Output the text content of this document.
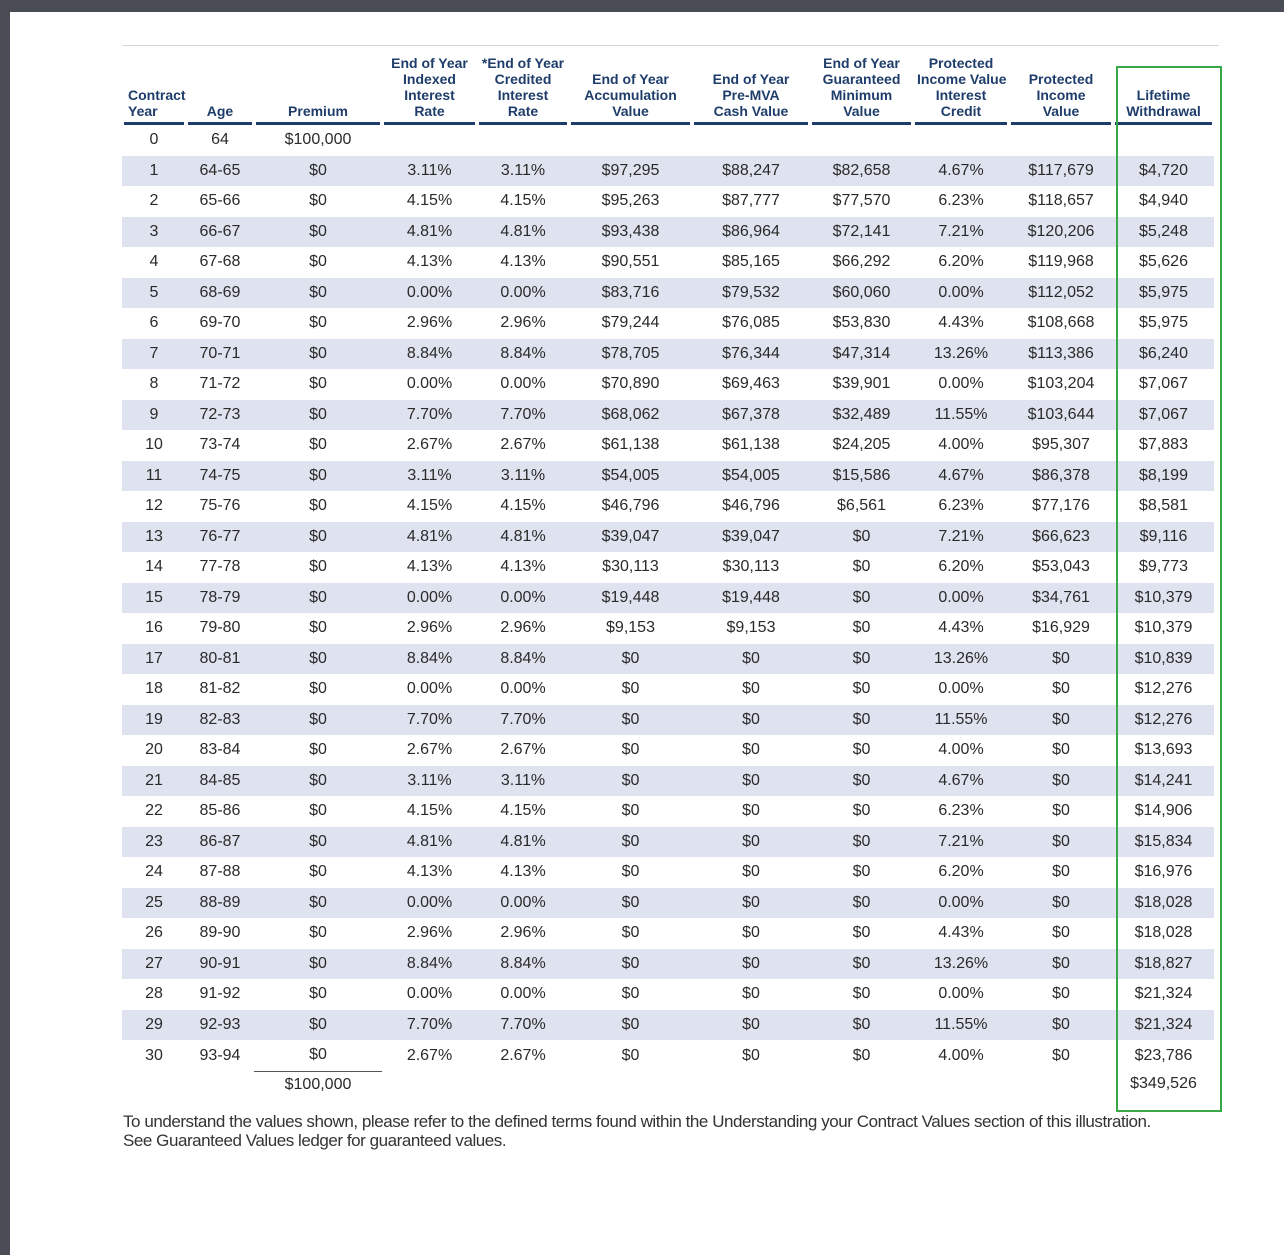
Contract
Year	Age	Premium	End of Year
Indexed
Interest
Rate	*End of Year
Credited
Interest
Rate	End of Year
Accumulation
Value	End of Year
Pre-MVA
Cash Value	End of Year
Guaranteed
Minimum
Value	Protected
Income Value
Interest
Credit	Protected
Income
Value	Lifetime
Withdrawal

0	64	$100,000								
1	64-65	$0	3.11%	3.11%	$97,295	$88,247	$82,658	4.67%	$117,679	$4,720
2	65-66	$0	4.15%	4.15%	$95,263	$87,777	$77,570	6.23%	$118,657	$4,940
3	66-67	$0	4.81%	4.81%	$93,438	$86,964	$72,141	7.21%	$120,206	$5,248
4	67-68	$0	4.13%	4.13%	$90,551	$85,165	$66,292	6.20%	$119,968	$5,626
5	68-69	$0	0.00%	0.00%	$83,716	$79,532	$60,060	0.00%	$112,052	$5,975
6	69-70	$0	2.96%	2.96%	$79,244	$76,085	$53,830	4.43%	$108,668	$5,975
7	70-71	$0	8.84%	8.84%	$78,705	$76,344	$47,314	13.26%	$113,386	$6,240
8	71-72	$0	0.00%	0.00%	$70,890	$69,463	$39,901	0.00%	$103,204	$7,067
9	72-73	$0	7.70%	7.70%	$68,062	$67,378	$32,489	11.55%	$103,644	$7,067
10	73-74	$0	2.67%	2.67%	$61,138	$61,138	$24,205	4.00%	$95,307	$7,883
11	74-75	$0	3.11%	3.11%	$54,005	$54,005	$15,586	4.67%	$86,378	$8,199
12	75-76	$0	4.15%	4.15%	$46,796	$46,796	$6,561	6.23%	$77,176	$8,581
13	76-77	$0	4.81%	4.81%	$39,047	$39,047	$0	7.21%	$66,623	$9,116
14	77-78	$0	4.13%	4.13%	$30,113	$30,113	$0	6.20%	$53,043	$9,773
15	78-79	$0	0.00%	0.00%	$19,448	$19,448	$0	0.00%	$34,761	$10,379
16	79-80	$0	2.96%	2.96%	$9,153	$9,153	$0	4.43%	$16,929	$10,379
17	80-81	$0	8.84%	8.84%	$0	$0	$0	13.26%	$0	$10,839
18	81-82	$0	0.00%	0.00%	$0	$0	$0	0.00%	$0	$12,276
19	82-83	$0	7.70%	7.70%	$0	$0	$0	11.55%	$0	$12,276
20	83-84	$0	2.67%	2.67%	$0	$0	$0	4.00%	$0	$13,693
21	84-85	$0	3.11%	3.11%	$0	$0	$0	4.67%	$0	$14,241
22	85-86	$0	4.15%	4.15%	$0	$0	$0	6.23%	$0	$14,906
23	86-87	$0	4.81%	4.81%	$0	$0	$0	7.21%	$0	$15,834
24	87-88	$0	4.13%	4.13%	$0	$0	$0	6.20%	$0	$16,976
25	88-89	$0	0.00%	0.00%	$0	$0	$0	0.00%	$0	$18,028
26	89-90	$0	2.96%	2.96%	$0	$0	$0	4.43%	$0	$18,028
27	90-91	$0	8.84%	8.84%	$0	$0	$0	13.26%	$0	$18,827
28	91-92	$0	0.00%	0.00%	$0	$0	$0	0.00%	$0	$21,324
29	92-93	$0	7.70%	7.70%	$0	$0	$0	11.55%	$0	$21,324
30	93-94	$0	2.67%	2.67%	$0	$0	$0	4.00%	$0	$23,786
		$100,000								$349,526
To understand the values shown, please refer to the defined terms found within the Understanding your Contract Values section of this illustration.
See Guaranteed Values ledger for guaranteed values.
